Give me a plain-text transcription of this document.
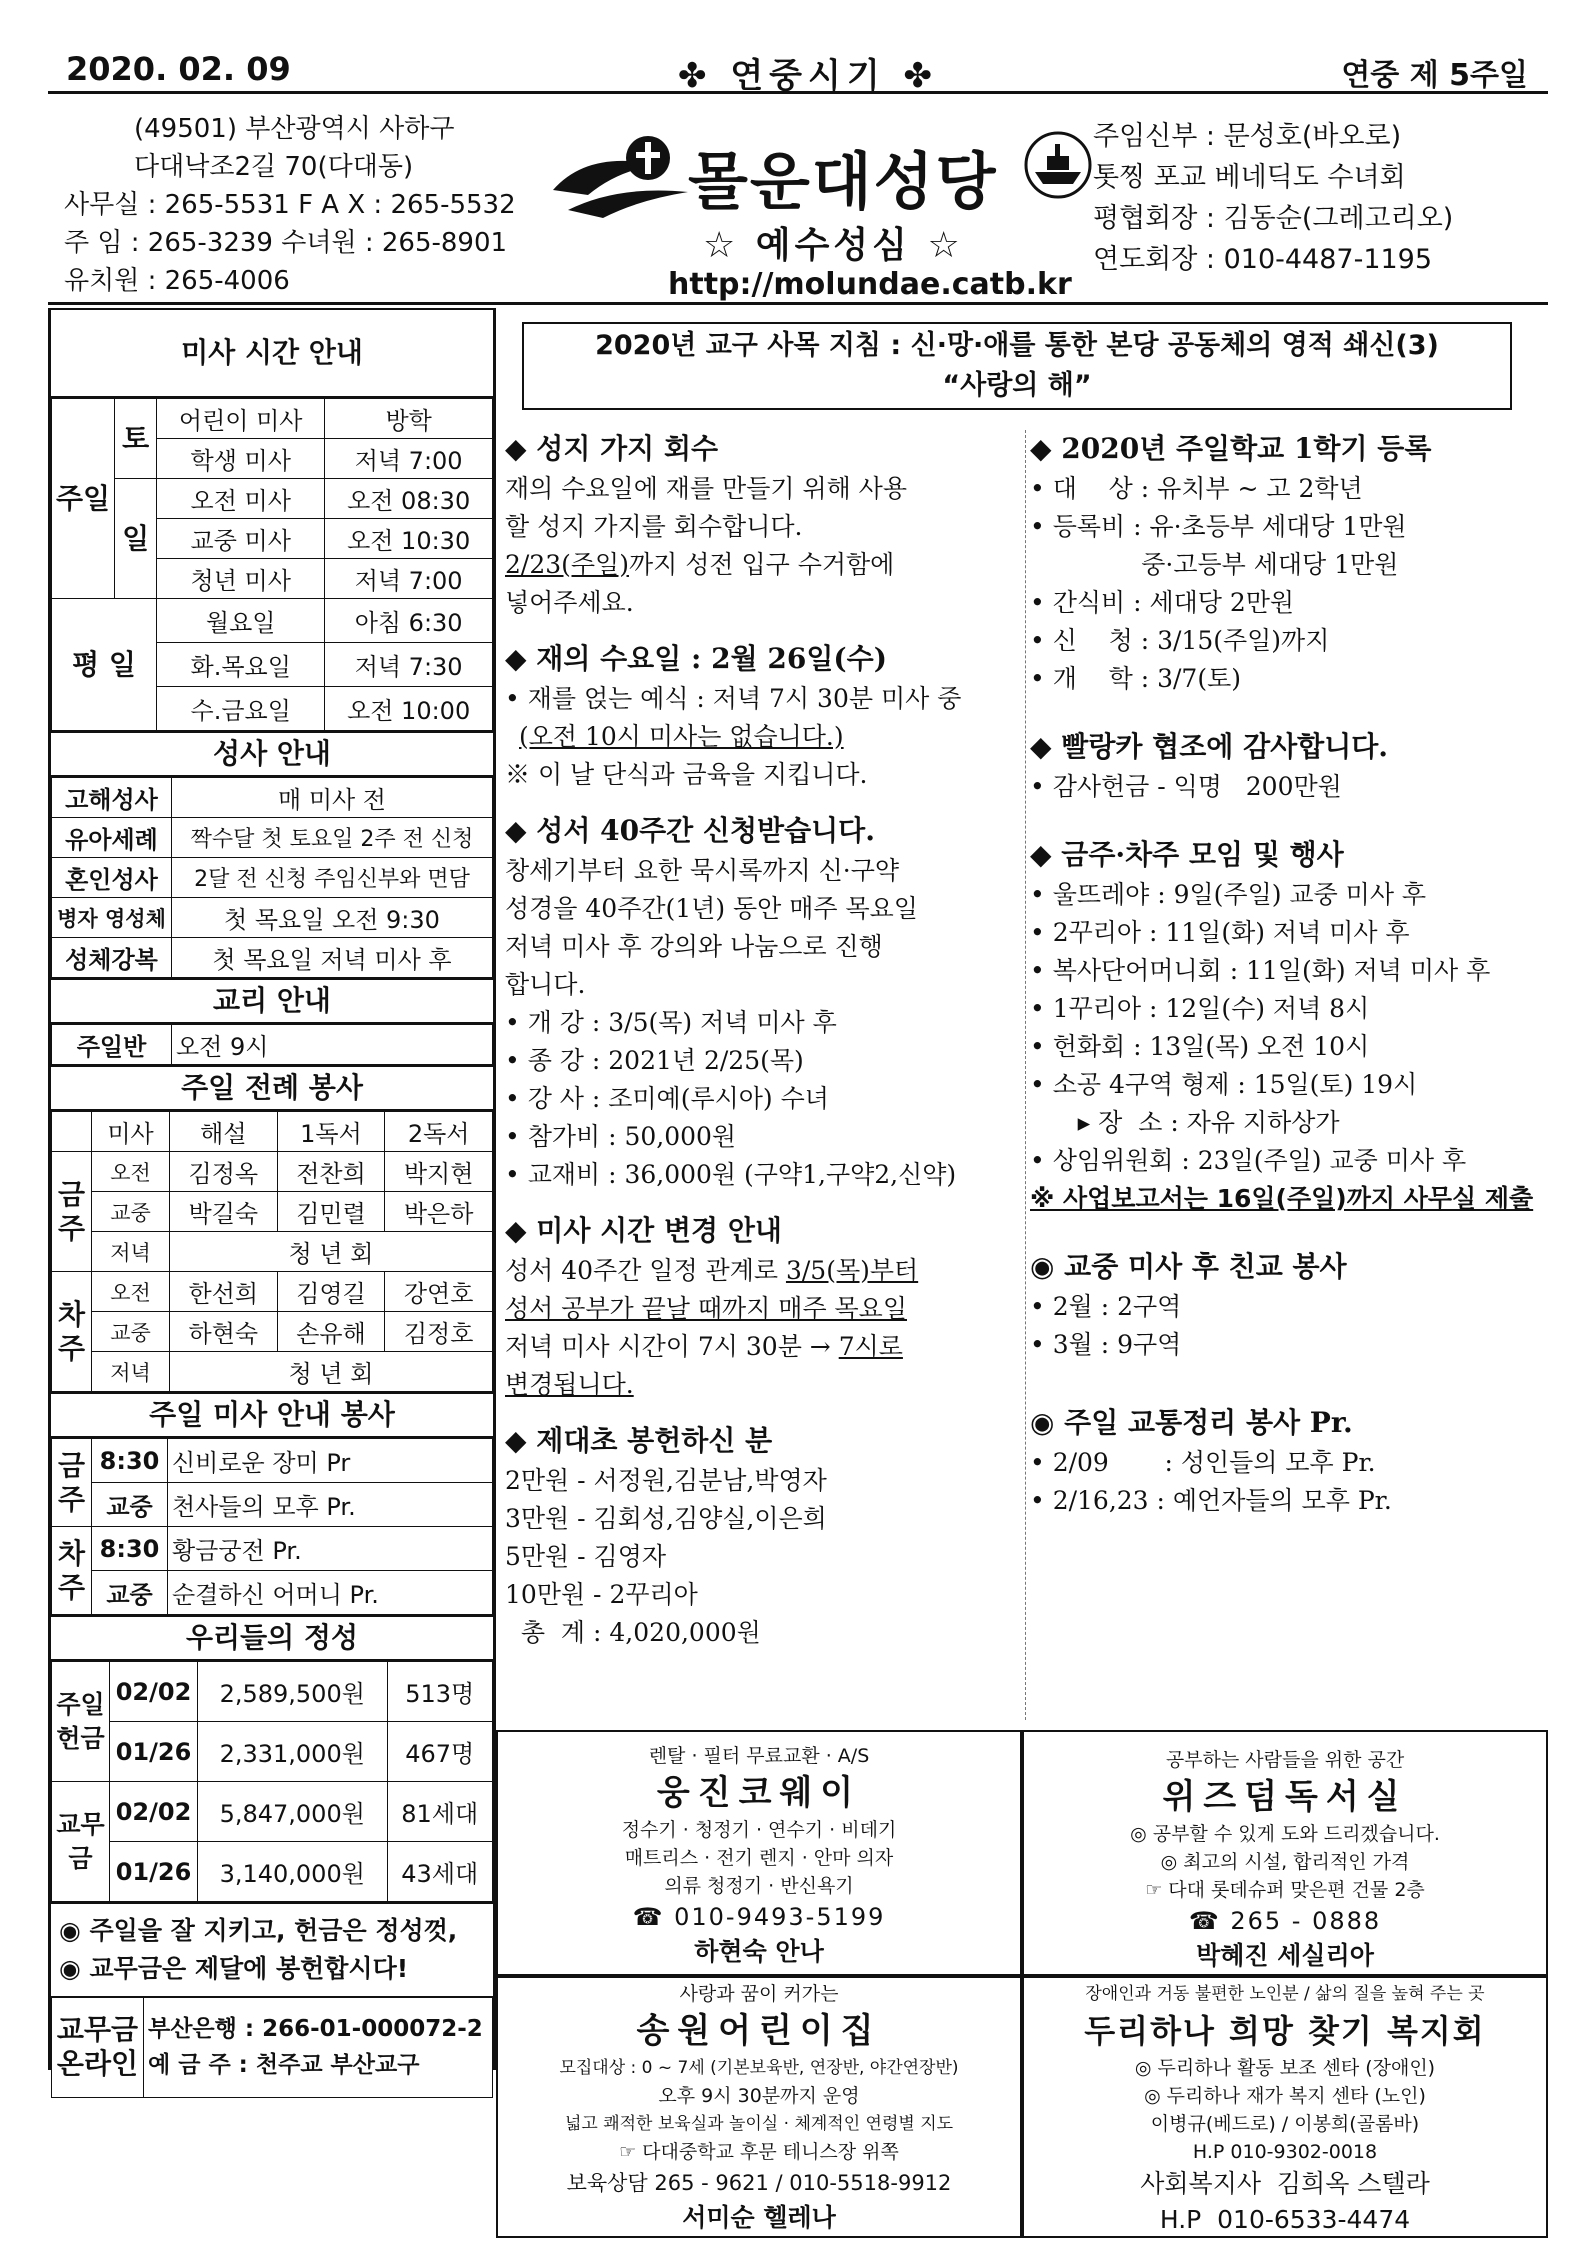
2020. 02. 09	✤ 연중시기 ✤	연중 제 5주일
(49501) 부산광역시 사하구
다대낙조2길 70(다대동)
사무실 : 265-5531 F A X : 265-5532
주 임 : 265-3239 수녀원 : 265-8901
유치원 : 265-4006
몰운대성당
☆ 예수성심 ☆
http://molundae.catb.kr
주임신부 : 문성호(바오로)
톳찡 포교 베네딕도 수녀회
평협회장 : 김동순(그레고리오)
연도회장 : 010-4487-1195
미사 시간 안내
주일	토	어린이 미사	방학
		학생 미사	저녁 7:00
	일	오전 미사	오전 08:30
		교중 미사	오전 10:30
		청년 미사	저녁 7:00
평 일		월요일	아침 6:30
		화.목요일	저녁 7:30
		수.금요일	오전 10:00
성사 안내
고해성사	매 미사 전
유아세례	짝수달 첫 토요일 2주 전 신청
혼인성사	2달 전 신청 주임신부와 면담
병자 영성체	첫 목요일 오전 9:30
성체강복	첫 목요일 저녁 미사 후
교리 안내
주일반	오전 9시
주일 전례 봉사
	미사	해설	1독서	2독서
금주	오전	김정옥	전찬희	박지현
	교중	박길숙	김민렬	박은하
	저녁	청 년 회		
차주	오전	한선희	김영길	강연호
	교중	하현숙	손유해	김정호
	저녁	청 년 회		
주일 미사 안내 봉사
금주	8:30	신비로운 장미 Pr
	교중	천사들의 모후 Pr.
차주	8:30	황금궁전 Pr.
	교중	순결하신 어머니 Pr.
우리들의 정성
주일헌금	02/02	2,589,500원	513명
	01/26	2,331,000원	467명
교무금	02/02	5,847,000원	81세대
	01/26	3,140,000원	43세대
◉ 주일을 잘 지키고, 헌금은 정성껏,
◉ 교무금은 제달에 봉헌합시다!
교무금 온라인	
부산은행 : 266-01-000072-2
예 금 주 : 천주교 부산교구
2020년 교구 사목 지침 : 신·망·애를 통한 본당 공동체의 영적 쇄신(3)
“사랑의 해”
◆ 성지 가지 회수

재의 수요일에 재를 만들기 위해 사용

할 성지 가지를 회수합니다.

2/23(주일)까지 성전 입구 수거함에

넣어주세요.

◆ 재의 수요일 : 2월 26일(수)

• 재를 얹는 예식 : 저녁 7시 30분 미사 중

(오전 10시 미사는 없습니다.)

※ 이 날 단식과 금육을 지킵니다.

◆ 성서 40주간 신청받습니다.

창세기부터 요한 묵시록까지 신·구약

성경을 40주간(1년) 동안 매주 목요일

저녁 미사 후 강의와 나눔으로 진행

합니다.

• 개 강 : 3/5(목) 저녁 미사 후

• 종 강 : 2021년 2/25(목)

• 강 사 : 조미예(루시아) 수녀

• 참가비 : 50,000원

• 교재비 : 36,000원 (구약1,구약2,신약)

◆ 미사 시간 변경 안내

성서 40주간 일정 관계로 3/5(목)부터

성서 공부가 끝날 때까지 매주 목요일

저녁 미사 시간이 7시 30분 → 7시로

변경됩니다.

◆ 제대초 봉헌하신 분

2만원 - 서정원,김분남,박영자

3만원 - 김회성,김양실,이은희

5만원 - 김영자

10만원 - 2꾸리아

총  계 : 4,020,000원

◆ 2020년 주일학교 1학기 등록

• 대    상 : 유치부 ~ 고 2학년

• 등록비 : 유·초등부 세대당 1만원

중·고등부 세대당 1만원

• 간식비 : 세대당 2만원

• 신    청 : 3/15(주일)까지

• 개    학 : 3/7(토)

◆ 빨랑카 협조에 감사합니다.

• 감사헌금 - 익명   200만원

◆ 금주·차주 모임 및 행사

• 울뜨레야 : 9일(주일) 교중 미사 후

• 2꾸리아 : 11일(화) 저녁 미사 후

• 복사단어머니회 : 11일(화) 저녁 미사 후

• 1꾸리아 : 12일(수) 저녁 8시

• 헌화회 : 13일(목) 오전 10시

• 소공 4구역 형제 : 15일(토) 19시

▸ 장  소 : 자유 지하상가

• 상임위원회 : 23일(주일) 교중 미사 후

※ 사업보고서는 16일(주일)까지 사무실 제출

◉ 교중 미사 후 친교 봉사

• 2월 : 2구역

• 3월 : 9구역

◉ 주일 교통정리 봉사 Pr.

• 2/09       : 성인들의 모후 Pr.

• 2/16,23 : 예언자들의 모후 Pr.

렌탈 · 필터 무료교환 · A/S
웅진코웨이
정수기 · 청정기 · 연수기 · 비데기
매트리스 · 전기 렌지 · 안마 의자
의류 청정기 · 반신욕기
☎ 010-9493-5199
하현숙 안나
공부하는 사람들을 위한 공간
위즈덤독서실
◎ 공부할 수 있게 도와 드리겠습니다.
◎ 최고의 시설, 합리적인 가격
☞ 다대 롯데슈퍼 맞은편 건물 2층
☎ 265 - 0888
박혜진 세실리아
사랑과 꿈이 커가는
송원어린이집
모집대상 : 0 ~ 7세 (기본보육반, 연장반, 야간연장반)
오후 9시 30분까지 운영
넓고 쾌적한 보육실과 놀이실 · 체계적인 연령별 지도
☞ 다대중학교 후문 테니스장 위쪽
보육상담 265 - 9621 / 010-5518-9912
서미순 헬레나
장애인과 거동 불편한 노인분 / 삶의 질을 높혀 주는 곳
두리하나 희망 찾기 복지회
◎ 두리하나 활동 보조 센타 (장애인)
◎ 두리하나 재가 복지 센타 (노인)
이병규(베드로) / 이봉희(골롬바)
H.P 010-9302-0018
사회복지사  김희옥 스텔라
H.P  010-6533-4474
